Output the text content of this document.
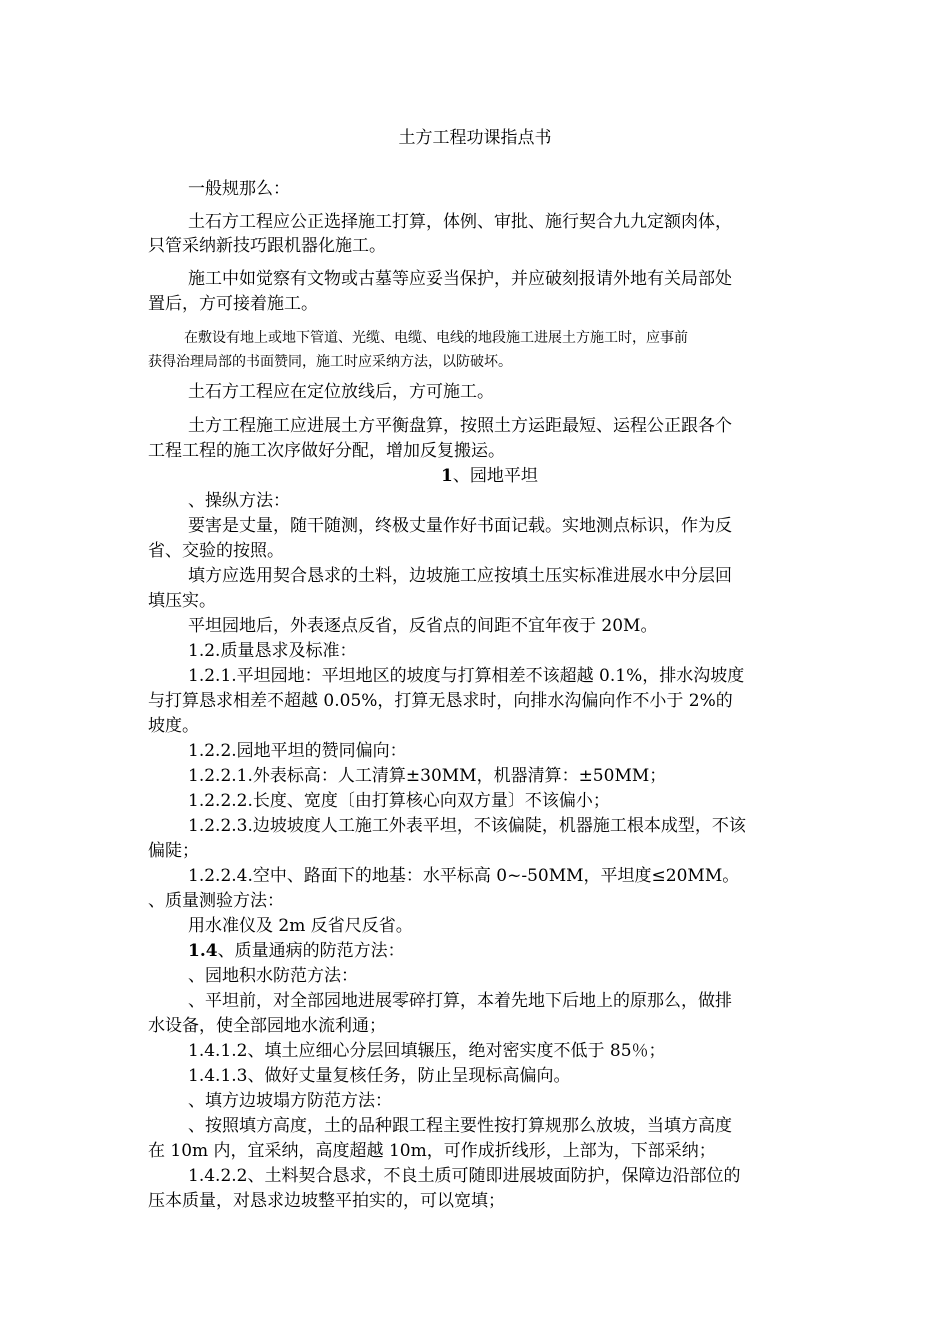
土方工程功课指点书
一般规那么：
土石方工程应公正选择施工打算，体例、审批、施行契合九九定额肉体，
只管采纳新技巧跟机器化施工。
施工中如觉察有文物或古墓等应妥当保护，并应破刻报请外地有关局部处
置后，方可接着施工。
在敷设有地上或地下管道、光缆、电缆、电线的地段施工进展土方施工时，应事前
获得治理局部的书面赞同，施工时应采纳方法，以防破坏。
土石方工程应在定位放线后，方可施工。
土方工程施工应进展土方平衡盘算，按照土方运距最短、运程公正跟各个
工程工程的施工次序做好分配，增加反复搬运。
1、园地平坦
、操纵方法：
要害是丈量，随干随测，终极丈量作好书面记载。实地测点标识，作为反
省、交验的按照。
填方应选用契合恳求的土料，边坡施工应按填土压实标准进展水中分层回
填压实。
平坦园地后，外表逐点反省，反省点的间距不宜年夜于 20M。
1.2.质量恳求及标准：
1.2.1.平坦园地：平坦地区的坡度与打算相差不该超越 0.1%，排水沟坡度
与打算恳求相差不超越 0.05%，打算无恳求时，向排水沟偏向作不小于 2%的
坡度。
1.2.2.园地平坦的赞同偏向：
1.2.2.1.外表标高：人工清算±30MM，机器清算：±50MM；
1.2.2.2.长度、宽度〔由打算核心向双方量〕不该偏小；
1.2.2.3.边坡坡度人工施工外表平坦，不该偏陡，机器施工根本成型，不该
偏陡；
1.2.2.4.空中、路面下的地基：水平标高 0~-50MM，平坦度≤20MM。
、质量测验方法：
用水准仪及 2m 反省尺反省。
1.4、质量通病的防范方法：
、园地积水防范方法：
、平坦前，对全部园地进展零碎打算，本着先地下后地上的原那么，做排
水设备，使全部园地水流利通；
1.4.1.2、填土应细心分层回填辗压，绝对密实度不低于 85％；
1.4.1.3、做好丈量复核任务，防止呈现标高偏向。
、填方边坡塌方防范方法：
、按照填方高度，土的品种跟工程主要性按打算规那么放坡，当填方高度
在 10m 内，宜采纳，高度超越 10m，可作成折线形，上部为，下部采纳；
1.4.2.2、土料契合恳求，不良土质可随即进展坡面防护，保障边沿部位的
压本质量，对恳求边坡整平拍实的，可以宽填；
